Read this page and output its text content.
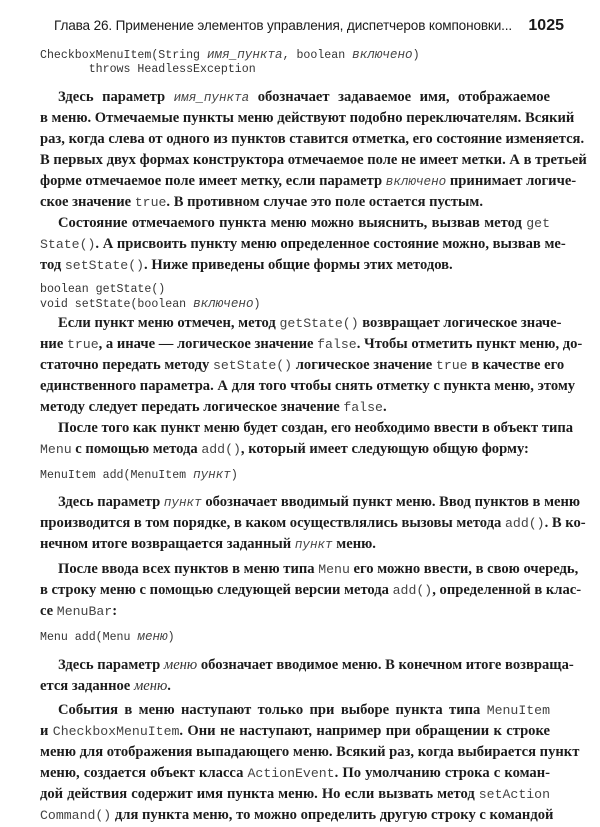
Глава 26. Применение элементов управления, диспетчеров компоновки... 1025
CheckboxMenuItem(String имя_пункта, boolean включено)
throws HeadlessException
Здесь параметр имя_пункта обозначает задаваемое имя, отображаемое
в меню. Отмечаемые пункты меню действуют подобно переключателям. Всякий
раз, когда слева от одного из пунктов ставится отметка, его состояние изменяется.
В первых двух формах конструктора отмечаемое поле не имеет метки. А в третьей
форме отмечаемое поле имеет метку, если параметр включено принимает логиче-
ское значение true. В противном случае это поле остается пустым.
Состояние отмечаемого пункта меню можно выяснить, вызвав метод get
State(). А присвоить пункту меню определенное состояние можно, вызвав ме-
тод setState(). Ниже приведены общие формы этих методов.
boolean getState()
void setState(boolean включено)
Если пункт меню отмечен, метод getState() возвращает логическое значе-
ние true, а иначе — логическое значение false. Чтобы отметить пункт меню, до-
статочно передать методу setState() логическое значение true в качестве его
единственного параметра. А для того чтобы снять отметку с пункта меню, этому
методу следует передать логическое значение false.
После того как пункт меню будет создан, его необходимо ввести в объект типа
Menu с помощью метода add(), который имеет следующую общую форму:
MenuItem add(MenuItem пункт)
Здесь параметр пункт обозначает вводимый пункт меню. Ввод пунктов в меню
производится в том порядке, в каком осуществлялись вызовы метода add(). В ко-
нечном итоге возвращается заданный пункт меню.
После ввода всех пунктов в меню типа Menu его можно ввести, в свою очередь,
в строку меню с помощью следующей версии метода add(), определенной в клас-
се MenuBar:
Menu add(Menu меню)
Здесь параметр меню обозначает вводимое меню. В конечном итоге возвраща-
ется заданное меню.
События в меню наступают только при выборе пункта типа MenuItem
и CheckboxMenuItem. Они не наступают, например при обращении к строке
меню для отображения выпадающего меню. Всякий раз, когда выбирается пункт
меню, создается объект класса ActionEvent. По умолчанию строка с коман-
дой действия содержит имя пункта меню. Но если вызвать метод setAction
Command() для пункта меню, то можно определить другую строку с командой
